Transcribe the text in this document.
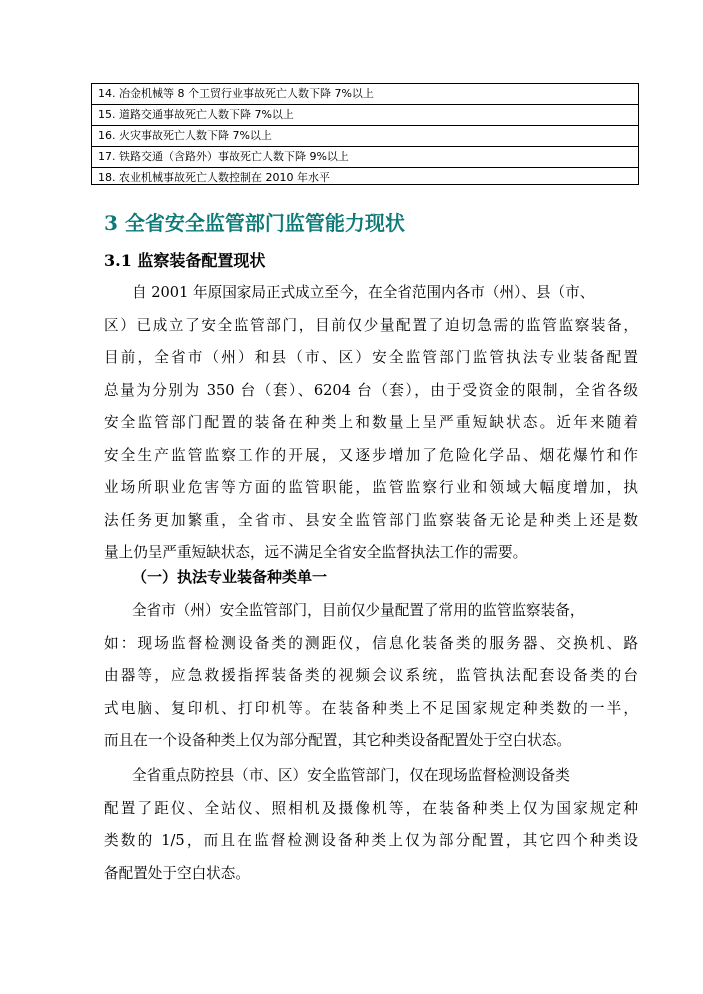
14. 冶金机械等 8 个工贸行业事故死亡人数下降 7%以上
15. 道路交通事故死亡人数下降 7%以上
16. 火灾事故死亡人数下降 7%以上
17. 铁路交通（含路外）事故死亡人数下降 9%以上
18. 农业机械事故死亡人数控制在 2010 年水平
3 全省安全监管部门监管能力现状
3.1 监察装备配置现状
自 2001 年原国家局正式成立至今，在全省范围内各市（州）、县（市、
区）已成立了安全监管部门，目前仅少量配置了迫切急需的监管监察装备，
目前，全省市（州）和县（市、区）安全监管部门监管执法专业装备配置
总量为分别为 350 台（套）、6204 台（套），由于受资金的限制，全省各级
安全监管部门配置的装备在种类上和数量上呈严重短缺状态。近年来随着
安全生产监管监察工作的开展，又逐步增加了危险化学品、烟花爆竹和作
业场所职业危害等方面的监管职能，监管监察行业和领域大幅度增加，执
法任务更加繁重，全省市、县安全监管部门监察装备无论是种类上还是数
量上仍呈严重短缺状态，远不满足全省安全监督执法工作的需要。
（一）执法专业装备种类单一
全省市（州）安全监管部门，目前仅少量配置了常用的监管监察装备，
如：现场监督检测设备类的测距仪，信息化装备类的服务器、交换机、路
由器等，应急救援指挥装备类的视频会议系统，监管执法配套设备类的台
式电脑、复印机、打印机等。在装备种类上不足国家规定种类数的一半，
而且在一个设备种类上仅为部分配置，其它种类设备配置处于空白状态。
全省重点防控县（市、区）安全监管部门，仅在现场监督检测设备类
配置了距仪、全站仪、照相机及摄像机等，在装备种类上仅为国家规定种
类数的 1/5，而且在监督检测设备种类上仅为部分配置，其它四个种类设
备配置处于空白状态。
